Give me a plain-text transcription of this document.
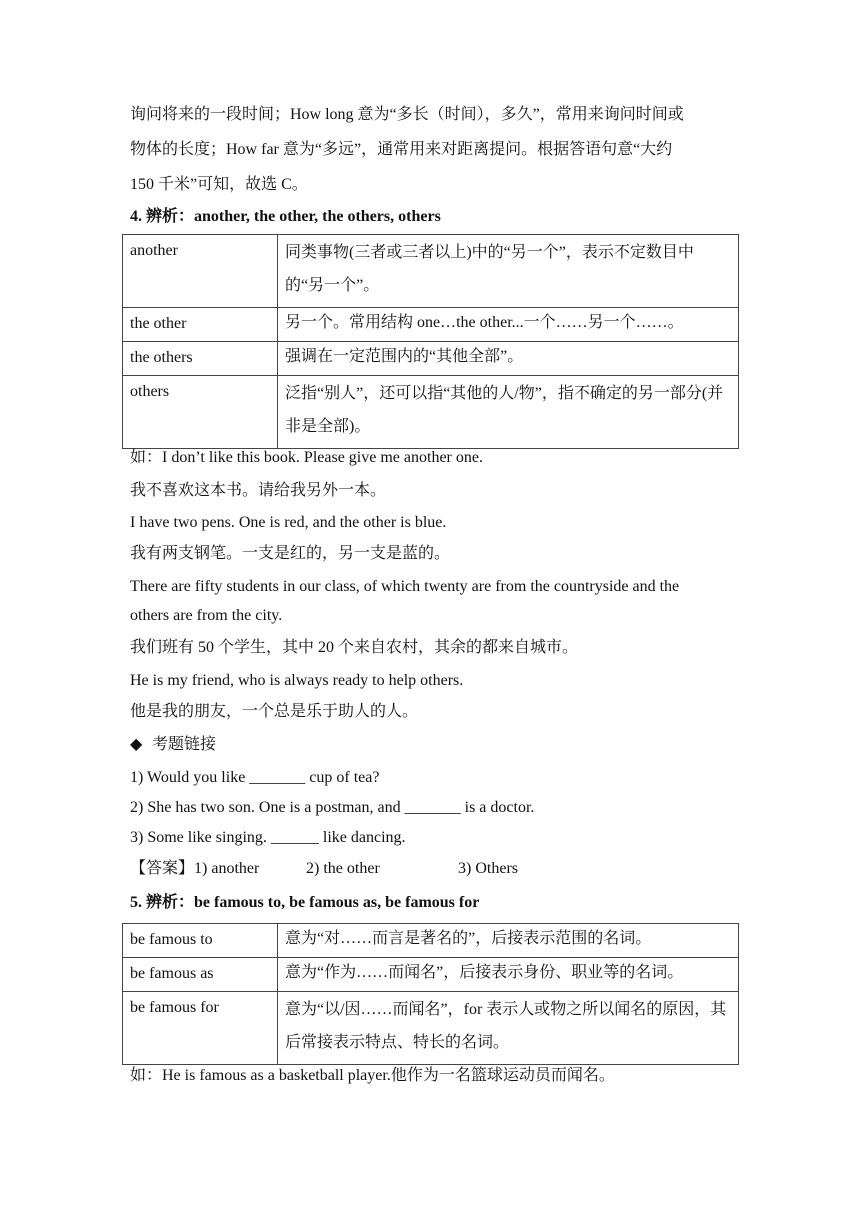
询问将来的一段时间；How long 意为“多长（时间），多久”，常用来询问时间或
物体的长度；How far 意为“多远”，通常用来对距离提问。根据答语句意“大约
150 千米”可知，故选 C。
4. 辨析：another, the other, the others, others
another	同类事物(三者或三者以上)中的“另一个”，表示不定数目中的“另一个”。
the other	另一个。常用结构 one…the other...一个……另一个……。
the others	强调在一定范围内的“其他全部”。
others	泛指“别人”，还可以指“其他的人/物”，指不确定的另一部分(并非是全部)。
如：I don’t like this book. Please give me another one.
我不喜欢这本书。请给我另外一本。
I have two pens. One is red, and the other is blue.
我有两支钢笔。一支是红的，另一支是蓝的。
There are fifty students in our class, of which twenty are from the countryside and the
others are from the city.
我们班有 50 个学生，其中 20 个来自农村，其余的都来自城市。
He is my friend, who is always ready to help others.
他是我的朋友，一个总是乐于助人的人。
◆ 考题链接
1) Would you like _______ cup of tea?
2) She has two son. One is a postman, and _______ is a doctor.
3) Some like singing. ______ like dancing.
【答案】1) another	2) the other	3) Others
5. 辨析：be famous to, be famous as, be famous for
be famous to	意为“对……而言是著名的”，后接表示范围的名词。
be famous as	意为“作为……而闻名”，后接表示身份、职业等的名词。
be famous for	意为“以/因……而闻名”，for 表示人或物之所以闻名的原因，其后常接表示特点、特长的名词。
如：He is famous as a basketball player.他作为一名篮球运动员而闻名。
